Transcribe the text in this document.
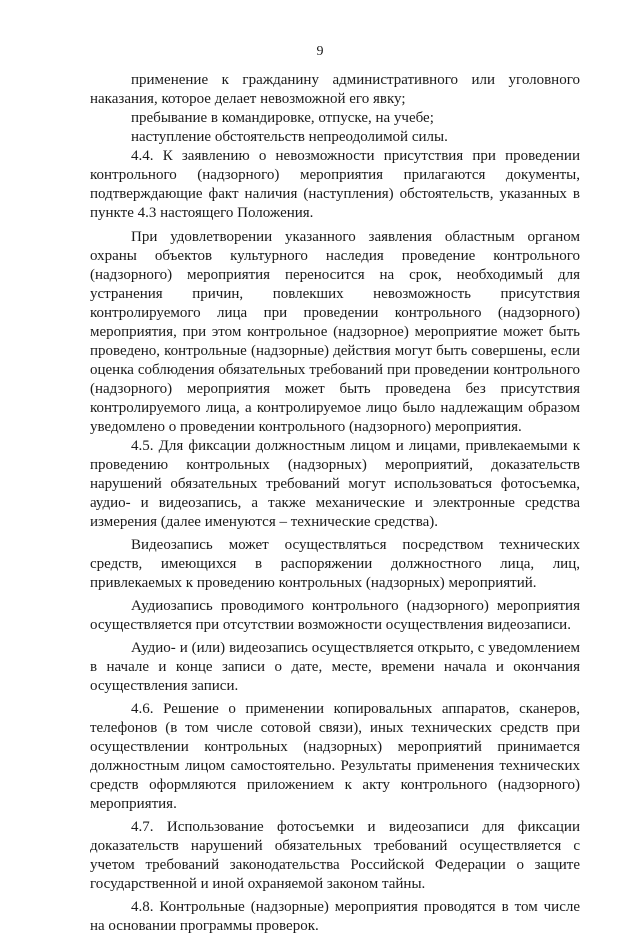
9

применение к гражданину административного или уголовного наказания, которое делает невозможной его явку;

пребывание в командировке, отпуске, на учебе;

наступление обстоятельств непреодолимой силы.

4.4. К заявлению о невозможности присутствия при проведении контрольного (надзорного) мероприятия прилагаются документы, подтверждающие факт наличия (наступления) обстоятельств, указанных в пункте 4.3 настоящего Положения.

При удовлетворении указанного заявления областным органом охраны объектов культурного наследия проведение контрольного (надзорного) мероприятия переносится на срок, необходимый для устранения причин, повлекших невозможность присутствия контролируемого лица при проведении контрольного (надзорного) мероприятия, при этом контрольное (надзорное) мероприятие может быть проведено, контрольные (надзорные) действия могут быть совершены, если оценка соблюдения обязательных требований при проведении контрольного (надзорного) мероприятия может быть проведена без присутствия контролируемого лица, а контролируемое лицо было надлежащим образом уведомлено о проведении контрольного (надзорного) мероприятия.

4.5. Для фиксации должностным лицом и лицами, привлекаемыми к проведению контрольных (надзорных) мероприятий, доказательств нарушений обязательных требований могут использоваться фотосъемка, аудио- и видеозапись, а также механические и электронные средства измерения (далее именуются – технические средства).

Видеозапись может осуществляться посредством технических средств, имеющихся в распоряжении должностного лица, лиц, привлекаемых к проведению контрольных (надзорных) мероприятий.

Аудиозапись проводимого контрольного (надзорного) мероприятия осуществляется при отсутствии возможности осуществления видеозаписи.

Аудио- и (или) видеозапись осуществляется открыто, с уведомлением в начале и конце записи о дате, месте, времени начала и окончания осуществления записи.

4.6. Решение о применении копировальных аппаратов, сканеров, телефонов (в том числе сотовой связи), иных технических средств при осуществлении контрольных (надзорных) мероприятий принимается должностным лицом самостоятельно. Результаты применения технических средств оформляются приложением к акту контрольного (надзорного) мероприятия.

4.7. Использование фотосъемки и видеозаписи для фиксации доказательств нарушений обязательных требований осуществляется с учетом требований законодательства Российской Федерации о защите государственной и иной охраняемой законом тайны.

4.8. Контрольные (надзорные) мероприятия проводятся в том числе на основании программы проверок.
